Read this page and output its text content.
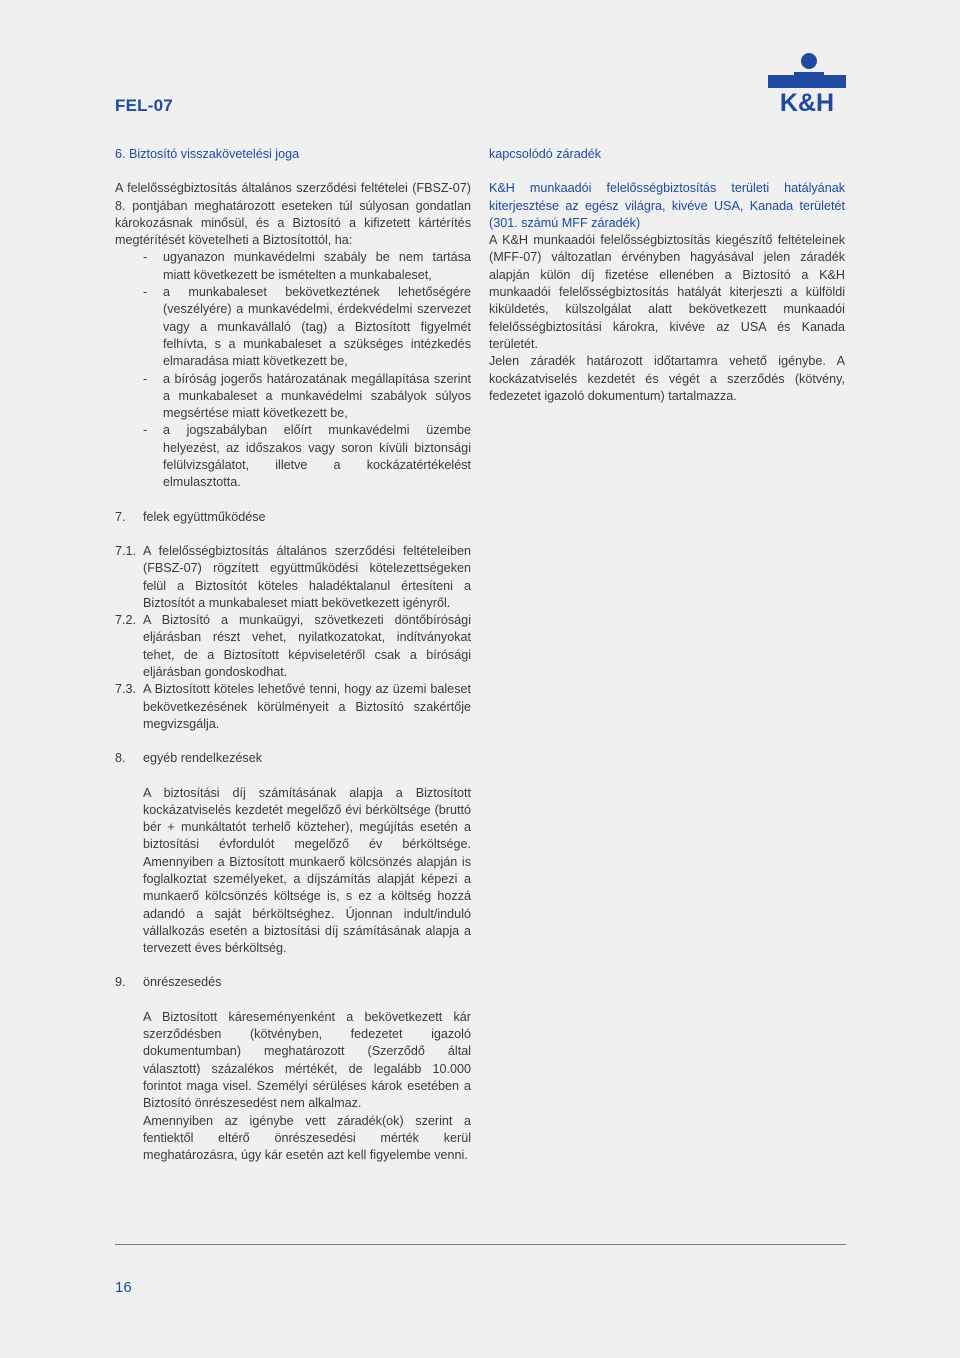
FEL-07	K&H
6. Biztosító visszakövetelési joga

A felelősségbiztosítás általános szerződési feltételei (FBSZ-07) 8. pontjában meghatározott eseteken túl súlyosan gondatlan károkozásnak minősül, és a Biztosító a kifizetett kártérítés megtérítését követelheti a Biztosítottól, ha:

-	ugyanazon munkavédelmi szabály be nem tartása miatt következett be ismételten a munkabaleset,
-	a munkabaleset bekövetkeztének lehetőségére (veszélyére) a munkavédelmi, érdekvédelmi szervezet vagy a munkavállaló (tag) a Biztosított figyelmét felhívta, s a munkabaleset a szükséges intézkedés elmaradása miatt következett be,
-	a bíróság jogerős határozatának megállapítása szerint a munkabaleset a munkavédelmi szabályok súlyos megsértése miatt következett be,
-	a jogszabályban előírt munkavédelmi üzembe helyezést, az időszakos vagy soron kívüli biztonsági felülvizsgálatot, illetve a kockázatértékelést elmulasztotta.
7.	felek együttműködése
7.1. A felelősségbiztosítás általános szerződési feltételeiben (FBSZ-07) rögzített együttműködési kötelezettségeken felül a Biztosítót köteles haladéktalanul értesíteni a Biztosítót a munkabaleset miatt bekövetkezett igényről.
7.2. A Biztosító a munkaügyi, szövetkezeti döntőbírósági eljárásban részt vehet, nyilatkozatokat, indítványokat tehet, de a Biztosított képviseletéről csak a bírósági eljárásban gondoskodhat.
7.3. A Biztosított köteles lehetővé tenni, hogy az üzemi baleset bekövetkezésének körülményeit a Biztosító szakértője megvizsgálja.
8.	egyéb rendelkezések

A biztosítási díj számításának alapja a Biztosított kockázatviselés kezdetét megelőző évi bérköltsége (bruttó bér + munkáltatót terhelő közteher), megújítás esetén a biztosítási évfordulót megelőző év bérköltsége. Amennyiben a Biztosított munkaerő kölcsönzés alapján is foglalkoztat személyeket, a díjszámítás alapját képezi a munkaerő kölcsönzés költsége is, s ez a költség hozzá adandó a saját bérköltséghez. Újonnan indult/induló vállalkozás esetén a biztosítási díj számításának alapja a tervezett éves bérköltség.

9.	önrészesedés

A Biztosított káreseményenként a bekövetkezett kár szerződésben (kötvényben, fedezetet igazoló dokumentumban) meghatározott (Szerződő által választott) százalékos mértékét, de legalább 10.000 forintot maga visel. Személyi sérüléses károk esetében a Biztosító önrészesedést nem alkalmaz.

Amennyiben az igénybe vett záradék(ok) szerint a fentiektől eltérő önrészesedési mérték kerül meghatározásra, úgy kár esetén azt kell figyelembe venni.

kapcsolódó záradék

K&H munkaadói felelősségbiztosítás területi hatályának kiterjesztése az egész világra, kivéve USA, Kanada területét (301. számú MFF záradék)

A K&H munkaadói felelősségbiztosítás kiegészítő feltételeinek (MFF-07) változatlan érvényben hagyásával jelen záradék alapján külön díj fizetése ellenében a Biztosító a K&H munkaadói felelősségbiztosítás hatályát kiterjeszti a külföldi kiküldetés, külszolgálat alatt bekövetkezett munkaadói felelősségbiztosítási károkra, kivéve az USA és Kanada területét.

Jelen záradék határozott időtartamra vehető igénybe. A kockázatviselés kezdetét és végét a szerződés (kötvény, fedezetet igazoló dokumentum) tartalmazza.

16
